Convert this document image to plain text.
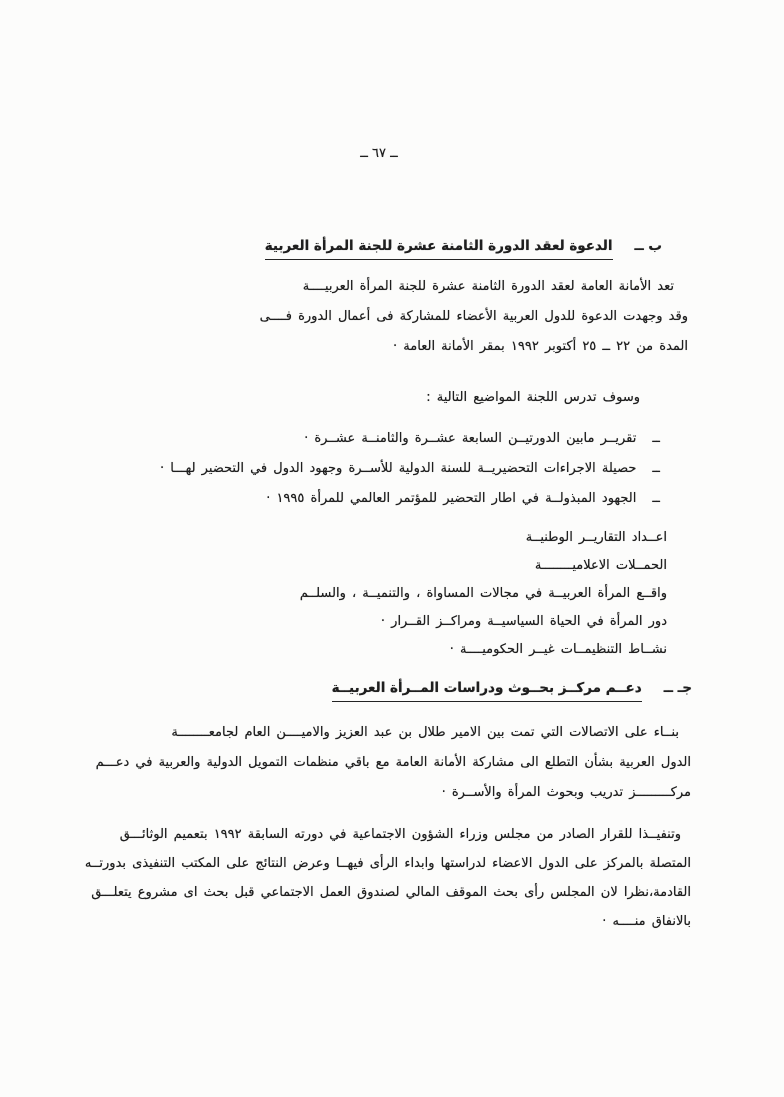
ــ ٦٧ ــ
ب ــ
الدعوة لعقد الدورة الثامنة عشرة للجنة المرأة العربية
تعد الأمانة العامة لعقد الدورة الثامنة عشرة للجنة المرأة العربيــــة
وقد وجهدت الدعوة للدول العربية الأعضاء للمشاركة فى أعمال الدورة فــــى
المدة من ٢٢ ــ ٢٥ أكتوبر ١٩٩٢ بمقر الأمانة العامة ·
وسوف تدرس اللجنة المواضيع التالية :
ــ
تقريــر مابين الدورتيــن السابعة عشــرة والثامنــة عشــرة ·
ــ
حصيلة الاجراءات التحضيريــة للسنة الدولية للأســرة وجهود الدول في التحضير لهـــا ·
ــ
الجهود المبذولــة في اطار التحضير للمؤتمر العالمي للمرأة ١٩٩٥ ·
اعــداد التقاريــر الوطنيــة
الحمــلات الاعلاميــــــــة
واقــع المرأة العربيــة في مجالات المساواة ، والتنميــة ، والسلــم
دور المرأة في الحياة السياسيــة ومراكــز القــرار ·
نشــاط التنظيمــات غيــر الحكوميــــة ·
جـ ــ
دعــم مركــز بحــوث ودراسات المــرأة العربيــة
بنــاء على الاتصالات التي تمت بين الامير طلال بن عبد العزيز والاميــــن العام لجامعــــــــة
الدول العربية بشأن التطلع الى مشاركة الأمانة العامة مع باقي منظمات التمويل الدولية والعربية في دعـــم
مركـــــــــز تدريب وبحوث المرأة والأســرة ·
وتنفيــذا للقرار الصادر من مجلس وزراء الشؤون الاجتماعية في دورته السابقة ١٩٩٢ بتعميم الوثائـــق
المتصلة بالمركز على الدول الاعضاء لدراستها وابداء الرأى فيهــا وعرض النتائج على المكتب التنفيذى بدورتــه
القادمة،نظرا لان المجلس رأى بحث الموقف المالي لصندوق العمل الاجتماعي قبل بحث اى مشروع يتعلـــق
بالانفاق منــــه ·
